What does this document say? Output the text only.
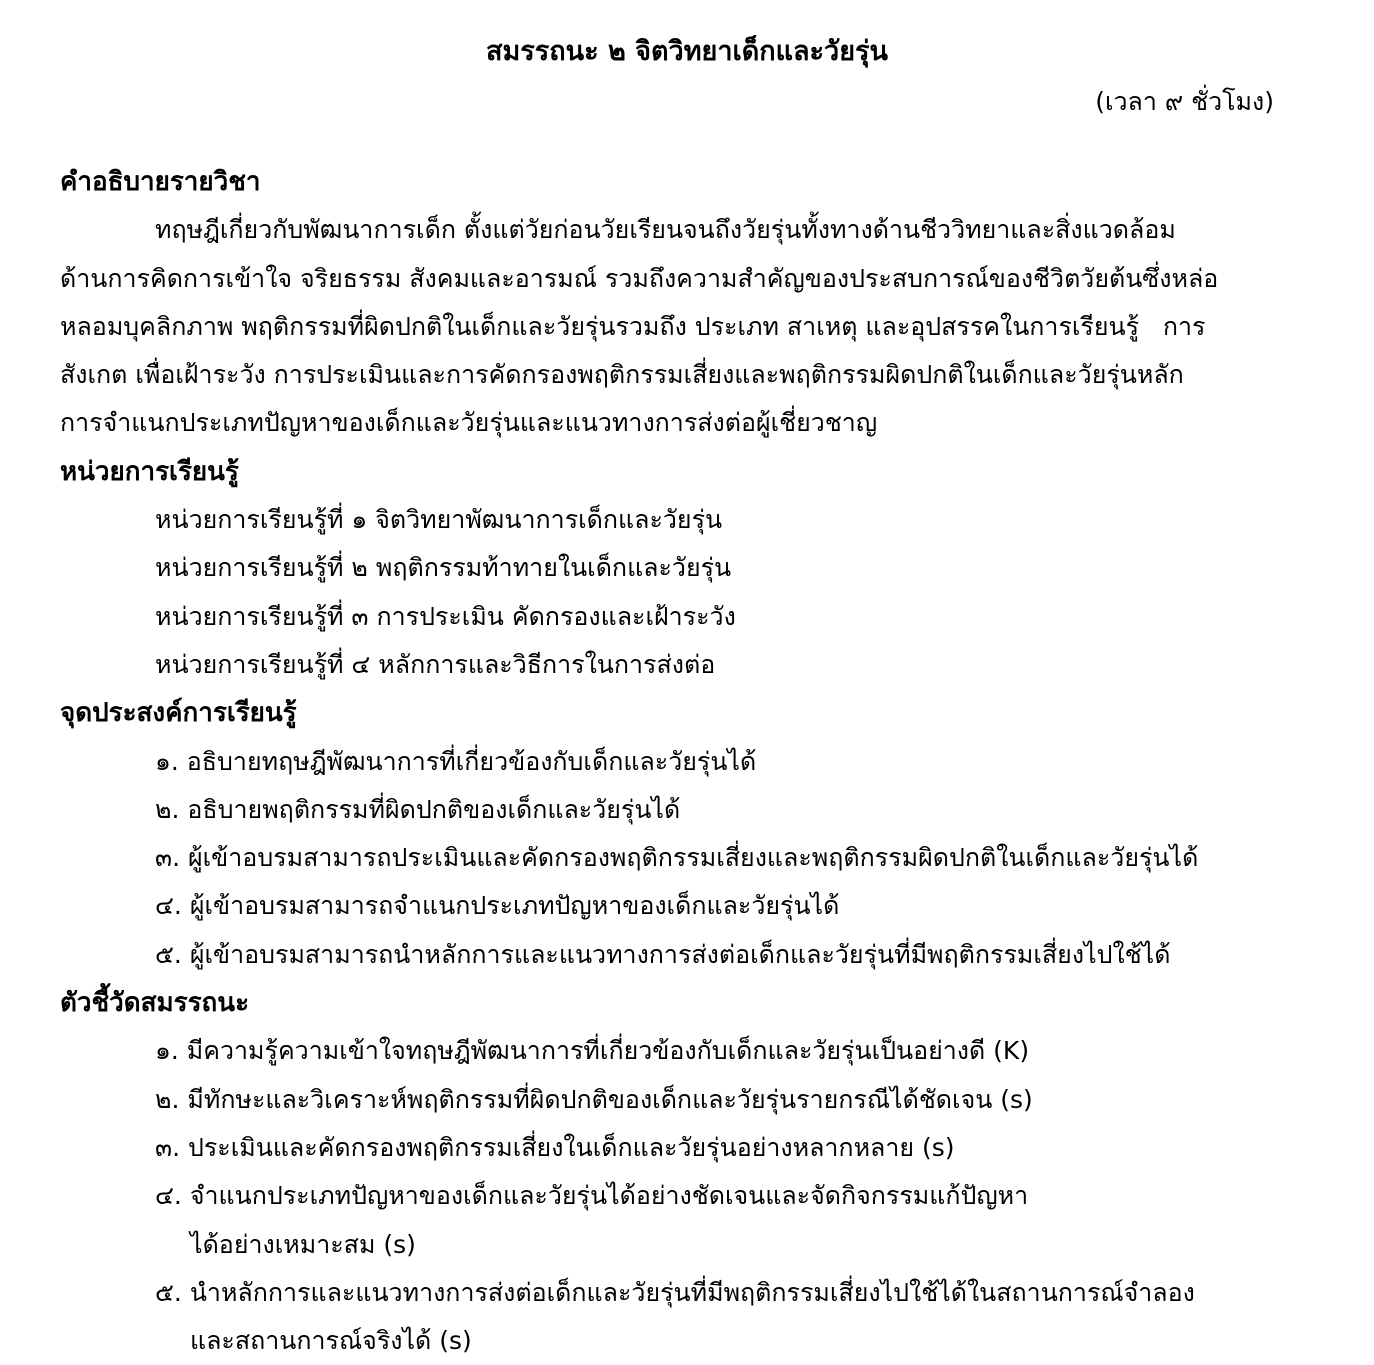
สมรรถนะ ๒ จิตวิทยาเด็กและวัยรุ่น
(เวลา ๙ ชั่วโมง)
คำอธิบายรายวิชา
ทฤษฎีเกี่ยวกับพัฒนาการเด็ก ตั้งแต่วัยก่อนวัยเรียนจนถึงวัยรุ่นทั้งทางด้านชีววิทยาและสิ่งแวดล้อม
ด้านการคิดการเข้าใจ จริยธรรม สังคมและอารมณ์ รวมถึงความสำคัญของประสบการณ์ของชีวิตวัยต้นซึ่งหล่อ
หลอมบุคลิกภาพ พฤติกรรมที่ผิดปกติในเด็กและวัยรุ่นรวมถึง ประเภท สาเหตุ และอุปสรรคในการเรียนรู้   การ
สังเกต เพื่อเฝ้าระวัง การประเมินและการคัดกรองพฤติกรรมเสี่ยงและพฤติกรรมผิดปกติในเด็กและวัยรุ่นหลัก
การจำแนกประเภทปัญหาของเด็กและวัยรุ่นและแนวทางการส่งต่อผู้เชี่ยวชาญ
หน่วยการเรียนรู้
หน่วยการเรียนรู้ที่ ๑ จิตวิทยาพัฒนาการเด็กและวัยรุ่น
หน่วยการเรียนรู้ที่ ๒ พฤติกรรมท้าทายในเด็กและวัยรุ่น
หน่วยการเรียนรู้ที่ ๓ การประเมิน คัดกรองและเฝ้าระวัง
หน่วยการเรียนรู้ที่ ๔ หลักการและวิธีการในการส่งต่อ
จุดประสงค์การเรียนรู้
๑. อธิบายทฤษฎีพัฒนาการที่เกี่ยวข้องกับเด็กและวัยรุ่นได้
๒. อธิบายพฤติกรรมที่ผิดปกติของเด็กและวัยรุ่นได้
๓. ผู้เข้าอบรมสามารถประเมินและคัดกรองพฤติกรรมเสี่ยงและพฤติกรรมผิดปกติในเด็กและวัยรุ่นได้
๔. ผู้เข้าอบรมสามารถจำแนกประเภทปัญหาของเด็กและวัยรุ่นได้
๕. ผู้เข้าอบรมสามารถนำหลักการและแนวทางการส่งต่อเด็กและวัยรุ่นที่มีพฤติกรรมเสี่ยงไปใช้ได้
ตัวชี้วัดสมรรถนะ
๑. มีความรู้ความเข้าใจทฤษฎีพัฒนาการที่เกี่ยวข้องกับเด็กและวัยรุ่นเป็นอย่างดี (K)
๒. มีทักษะและวิเคราะห์พฤติกรรมที่ผิดปกติของเด็กและวัยรุ่นรายกรณีได้ชัดเจน (s)
๓. ประเมินและคัดกรองพฤติกรรมเสี่ยงในเด็กและวัยรุ่นอย่างหลากหลาย (s)
๔. จำแนกประเภทปัญหาของเด็กและวัยรุ่นได้อย่างชัดเจนและจัดกิจกรรมแก้ปัญหา
ได้อย่างเหมาะสม (s)
๕. นำหลักการและแนวทางการส่งต่อเด็กและวัยรุ่นที่มีพฤติกรรมเสี่ยงไปใช้ได้ในสถานการณ์จำลอง
และสถานการณ์จริงได้ (s)
